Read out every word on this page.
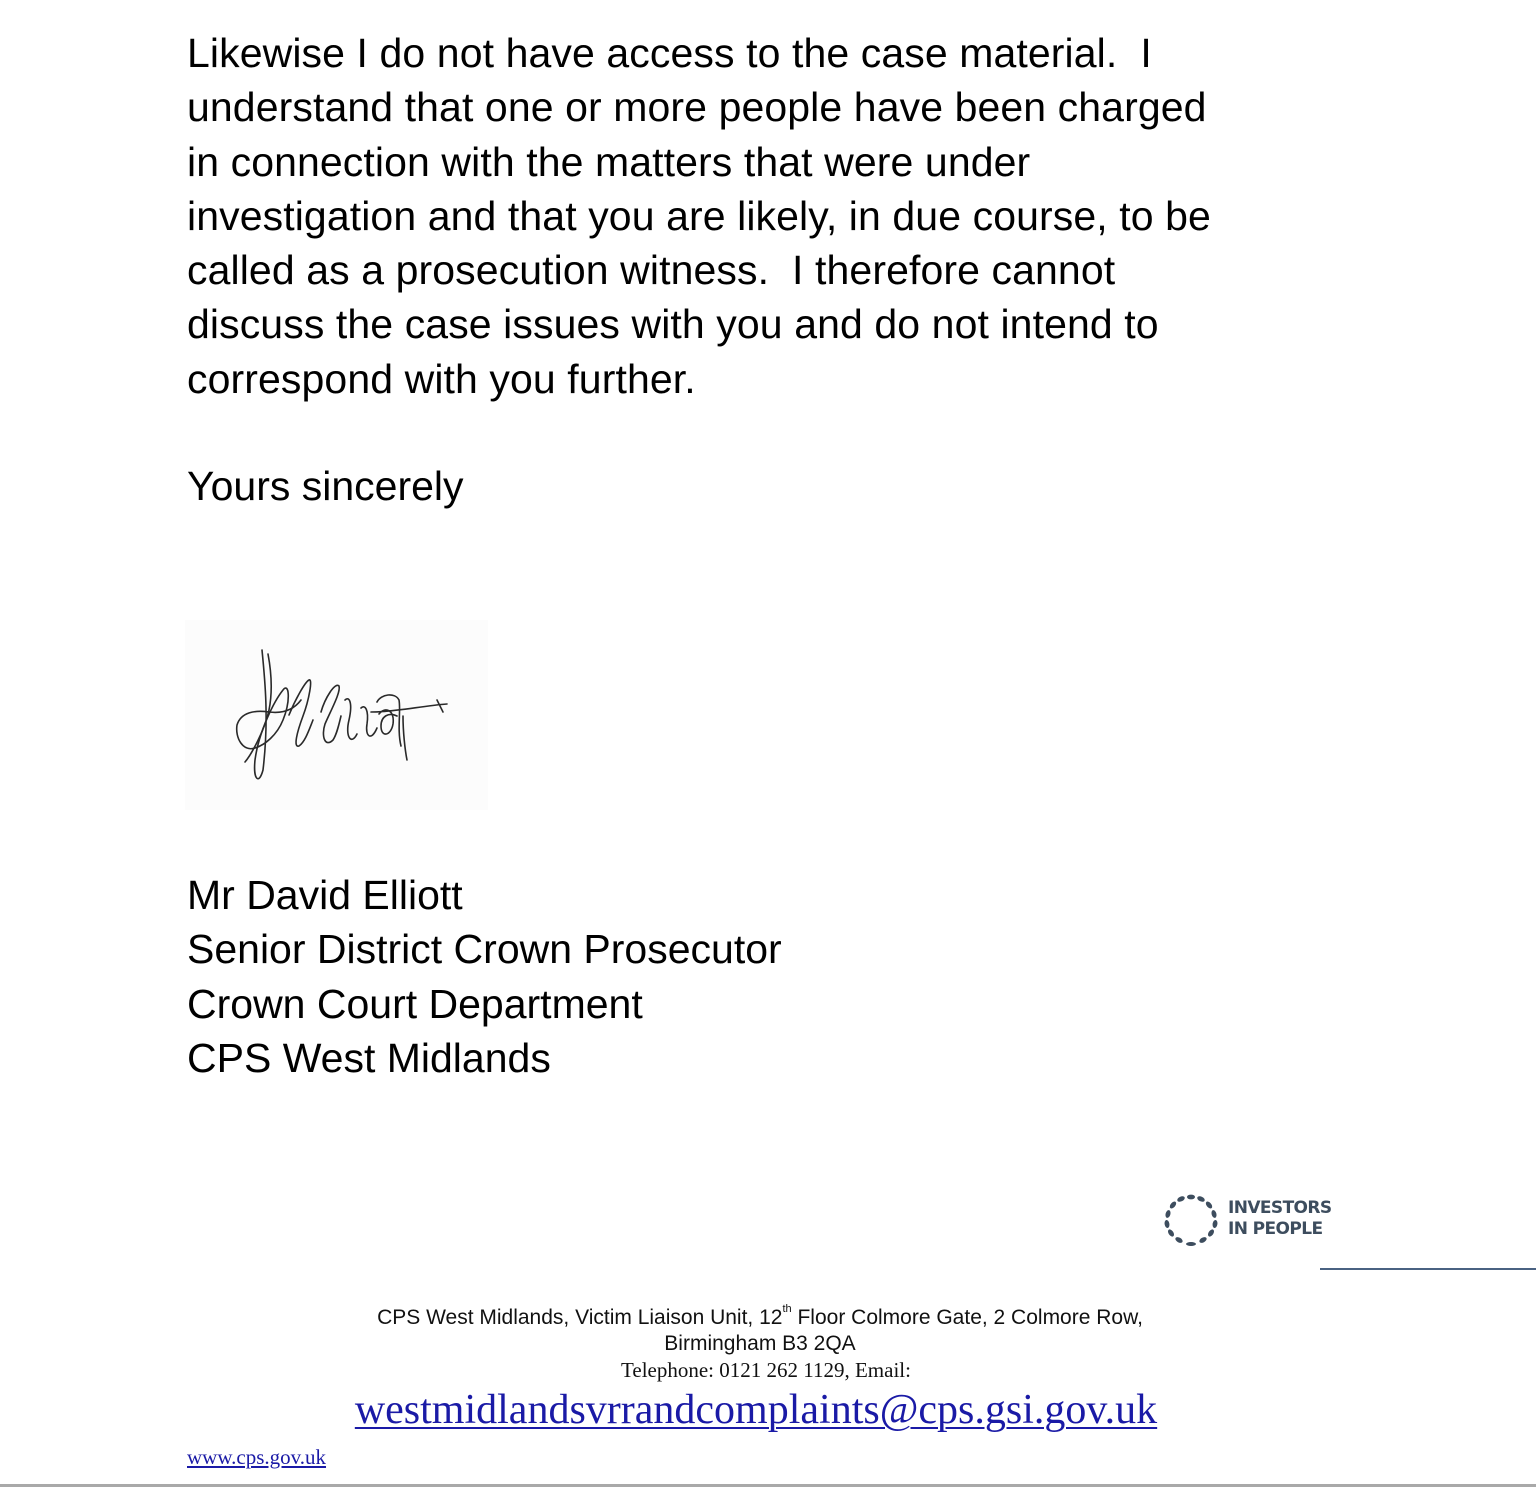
Likewise I do not have access to the case material.  I
understand that one or more people have been charged
in connection with the matters that were under
investigation and that you are likely, in due course, to be
called as a prosecution witness.  I therefore cannot
discuss the case issues with you and do not intend to
correspond with you further.
Yours sincerely
Mr David Elliott
Senior District Crown Prosecutor
Crown Court Department
CPS West Midlands
INVESTORS
IN PEOPLE
CPS West Midlands, Victim Liaison Unit, 12th Floor Colmore Gate, 2 Colmore Row,
Birmingham B3 2QA
Telephone: 0121 262 1129, Email:
westmidlandsvrrandcomplaints@cps.gsi.gov.uk
www.cps.gov.uk
